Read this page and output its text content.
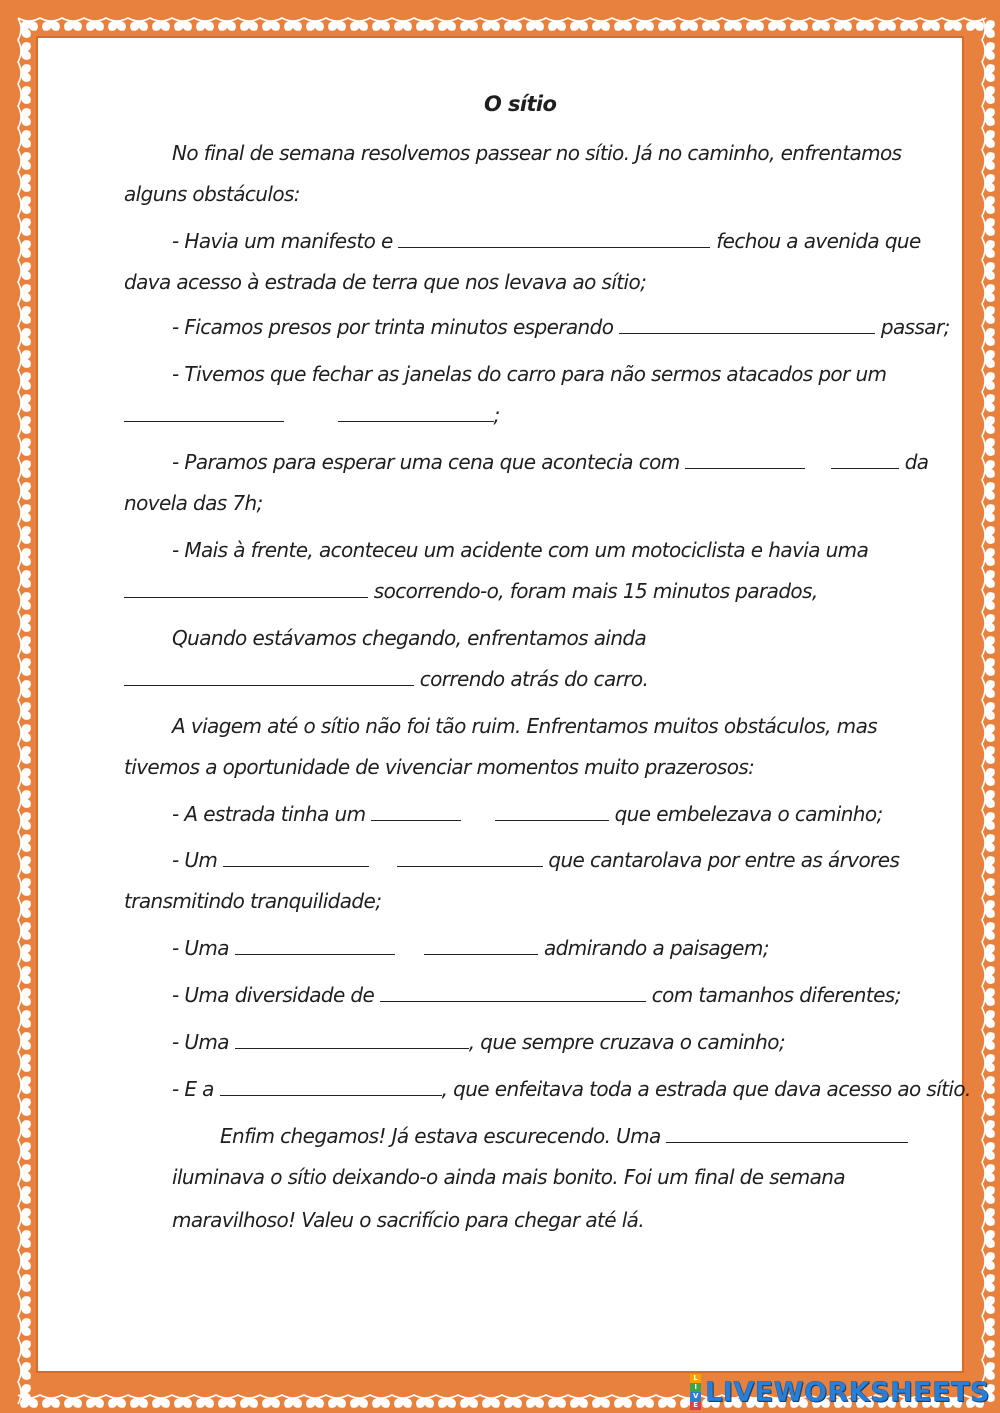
O sítio
No final de semana resolvemos passear no sítio. Já no caminho, enfrentamos
alguns obstáculos:
- Havia um manifesto e	fechou a avenida que
dava acesso à estrada de terra que nos levava ao sítio;
- Ficamos presos por trinta minutos esperando	passar;
- Tivemos que fechar as janelas do carro para não sermos atacados por um
;
- Paramos para esperar uma cena que acontecia com	da
novela das 7h;
- Mais à frente, aconteceu um acidente com um motociclista e havia uma
socorrendo-o, foram mais 15 minutos parados,
Quando estávamos chegando, enfrentamos ainda
correndo atrás do carro.
A viagem até o sítio não foi tão ruim. Enfrentamos muitos obstáculos, mas
tivemos a oportunidade de vivenciar momentos muito prazerosos:
- A estrada tinha um	que embelezava o caminho;
- Um	que cantarolava por entre as árvores
transmitindo tranquilidade;
- Uma	admirando a paisagem;
- Uma diversidade de	com tamanhos diferentes;
- Uma	, que sempre cruzava o caminho;
- E a	, que enfeitava toda a estrada que dava acesso ao sítio.
Enfim chegamos! Já estava escurecendo. Uma
iluminava o sítio deixando-o ainda mais bonito. Foi um final de semana
maravilhoso! Valeu o sacrifício para chegar até lá.
L
I
V
E LIVEWORKSHEETS
